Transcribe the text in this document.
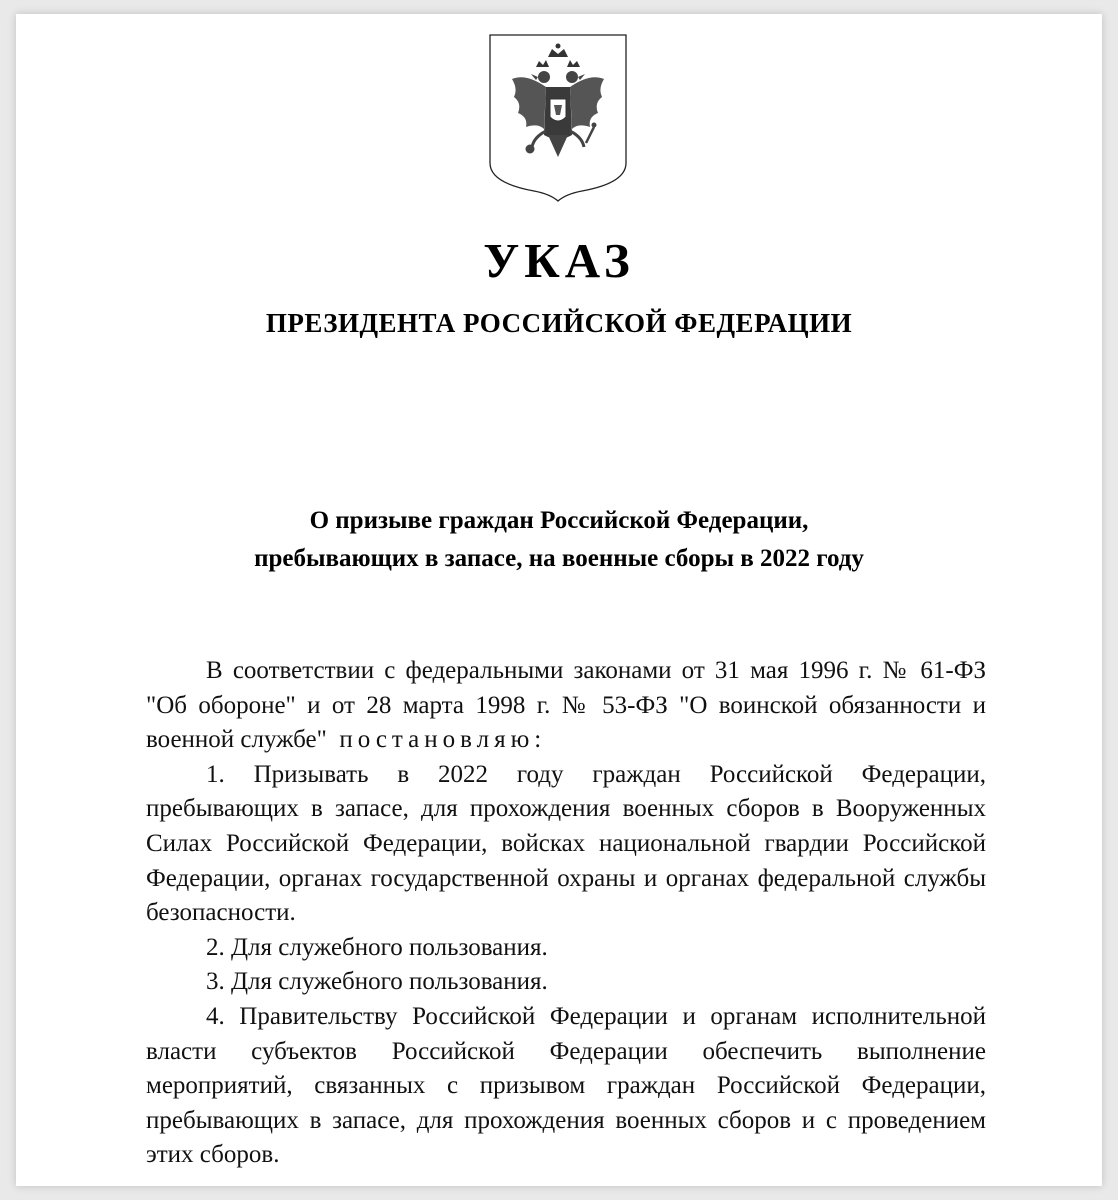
УКАЗ
ПРЕЗИДЕНТА РОССИЙСКОЙ ФЕДЕРАЦИИ
О призыве граждан Российской Федерации,
пребывающих в запасе, на военные сборы в 2022 году
В соответствии с федеральными законами от 31 мая 1996 г. № 61-ФЗ "Об обороне" и от 28 марта 1998 г. № 53-ФЗ "О воинской обязанности и военной службе" постановляю:
1. Призывать в 2022 году граждан Российской Федерации, пребывающих в запасе, для прохождения военных сборов в Вооруженных Силах Российской Федерации, войсках национальной гвардии Российской Федерации, органах государственной охраны и органах федеральной службы безопасности.
2. Для служебного пользования.
3. Для служебного пользования.
4. Правительству Российской Федерации и органам исполнительной власти субъектов Российской Федерации обеспечить выполнение мероприятий, связанных с призывом граждан Российской Федерации, пребывающих в запасе, для прохождения военных сборов и с проведением этих сборов.
